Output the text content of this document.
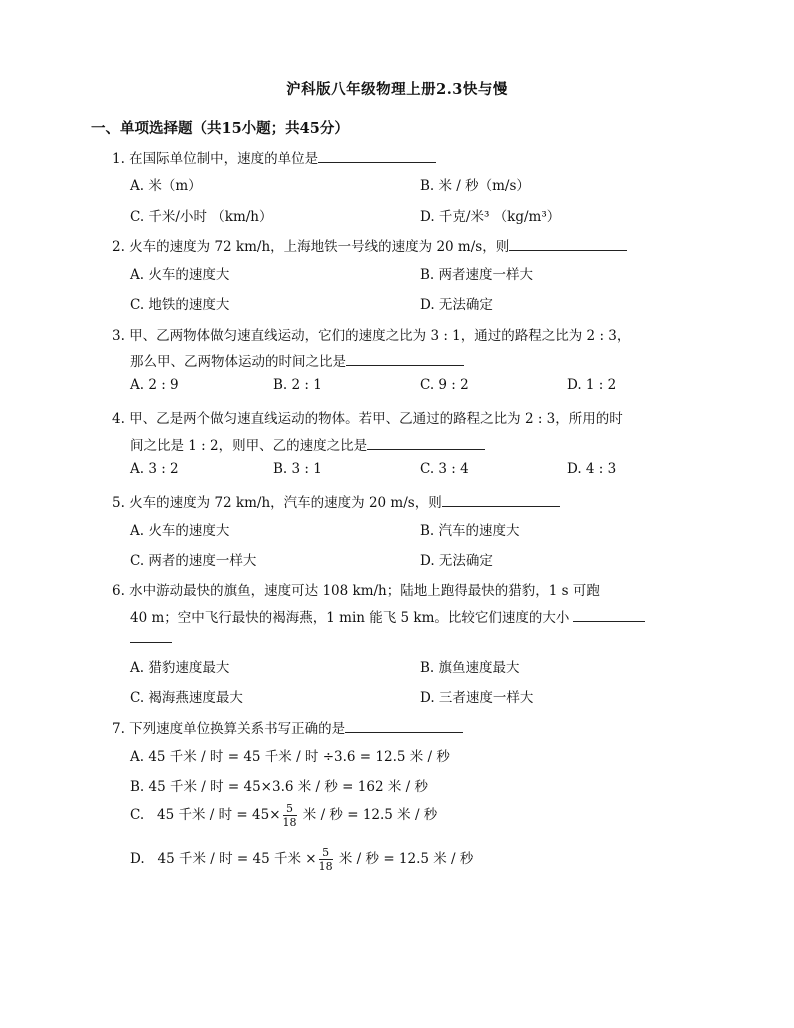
沪科版八年级物理上册2.3快与慢
一、单项选择题（共15小题；共45分）
1. 在国际单位制中，速度的单位是
A. 米（m）	B. 米 / 秒（m/s）
C. 千米/小时 （km/h）	D. 千克/米³ （kg/m³）
2. 火车的速度为 72 km/h，上海地铁一号线的速度为 20 m/s，则
A. 火车的速度大	B. 两者速度一样大
C. 地铁的速度大	D. 无法确定
3. 甲、乙两物体做匀速直线运动，它们的速度之比为 3 : 1，通过的路程之比为 2 : 3，
那么甲、乙两物体运动的时间之比是
A. 2 : 9	B. 2 : 1	C. 9 : 2	D. 1 : 2
4. 甲、乙是两个做匀速直线运动的物体。若甲、乙通过的路程之比为 2 : 3，所用的时
间之比是 1 : 2，则甲、乙的速度之比是
A. 3 : 2	B. 3 : 1	C. 3 : 4	D. 4 : 3
5. 火车的速度为 72 km/h，汽车的速度为 20 m/s，则
A. 火车的速度大	B. 汽车的速度大
C. 两者的速度一样大	D. 无法确定
6. 水中游动最快的旗鱼，速度可达 108 km/h；陆地上跑得最快的猎豹，1 s 可跑
40 m；空中飞行最快的褐海燕，1 min 能飞 5 km。比较它们速度的大小
A. 猎豹速度最大	B. 旗鱼速度最大
C. 褐海燕速度最大	D. 三者速度一样大
7. 下列速度单位换算关系书写正确的是
A. 45 千米 / 时 = 45 千米 / 时 ÷3.6 = 12.5 米 / 秒
B. 45 千米 / 时 = 45×3.6 米 / 秒 = 162 米 / 秒
C. 45 千米 / 时 = $45\times \frac{5}{18}$ 米 / 秒 = 12.5 米 / 秒
D. 45 千米 / 时 = 45 千米 × $\frac{5}{18}$ 米 / 秒 = 12.5 米 / 秒
